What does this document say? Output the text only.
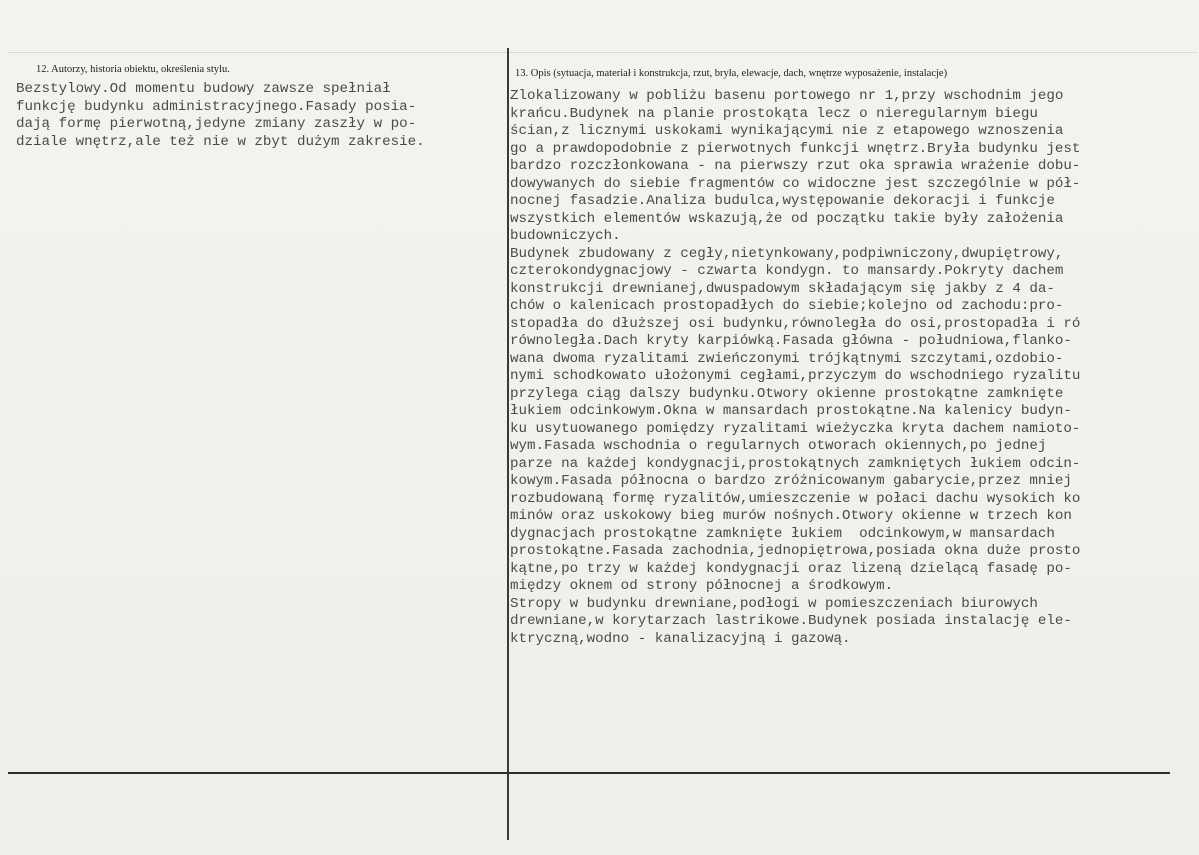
12. Autorzy, historia obiektu, określenia stylu.	13. Opis (sytuacja, materiał i konstrukcja, rzut, bryła, elewacje, dach, wnętrze wyposażenie, instalacje)
Bezstylowy.Od momentu budowy zawsze spełniał
funkcję budynku administracyjnego.Fasady posia-
dają formę pierwotną,jedyne zmiany zaszły w po-
dziale wnętrz,ale też nie w zbyt dużym zakresie.
Zlokalizowany w pobliżu basenu portowego nr 1,przy wschodnim jego
krańcu.Budynek na planie prostokąta lecz o nieregularnym biegu
ścian,z licznymi uskokami wynikającymi nie z etapowego wznoszenia
go a prawdopodobnie z pierwotnych funkcji wnętrz.Bryła budynku jest
bardzo rozczłonkowana - na pierwszy rzut oka sprawia wrażenie dobu-
dowywanych do siebie fragmentów co widoczne jest szczególnie w pół-
nocnej fasadzie.Analiza budulca,występowanie dekoracji i funkcje
wszystkich elementów wskazują,że od początku takie były założenia
budowniczych.
Budynek zbudowany z cegły,nietynkowany,podpiwniczony,dwupiętrowy,
czterokondygnacjowy - czwarta kondygn. to mansardy.Pokryty dachem
konstrukcji drewnianej,dwuspadowym składającym się jakby z 4 da-
chów o kalenicach prostopadłych do siebie;kolejno od zachodu:pro-
stopadła do dłuższej osi budynku,równoległa do osi,prostopadła i ró
równoległa.Dach kryty karpiówką.Fasada główna - południowa,flanko-
wana dwoma ryzalitami zwieńczonymi trójkątnymi szczytami,ozdobio-
nymi schodkowato ułożonymi cegłami,przyczym do wschodniego ryzalitu
przylega ciąg dalszy budynku.Otwory okienne prostokątne zamknięte
łukiem odcinkowym.Okna w mansardach prostokątne.Na kalenicy budyn-
ku usytuowanego pomiędzy ryzalitami wieżyczka kryta dachem namioto-
wym.Fasada wschodnia o regularnych otworach okiennych,po jednej
parze na każdej kondygnacji,prostokątnych zamkniętych łukiem odcin-
kowym.Fasada północna o bardzo zróżnicowanym gabarycie,przez mniej
rozbudowaną formę ryzalitów,umieszczenie w połaci dachu wysokich ko
minów oraz uskokowy bieg murów nośnych.Otwory okienne w trzech kon
dygnacjach prostokątne zamknięte łukiem  odcinkowym,w mansardach
prostokątne.Fasada zachodnia,jednopiętrowa,posiada okna duże prosto
kątne,po trzy w każdej kondygnacji oraz lizeną dzielącą fasadę po-
między oknem od strony północnej a środkowym.
Stropy w budynku drewniane,podłogi w pomieszczeniach biurowych
drewniane,w korytarzach lastrikowe.Budynek posiada instalację ele-
ktryczną,wodno - kanalizacyjną i gazową.
